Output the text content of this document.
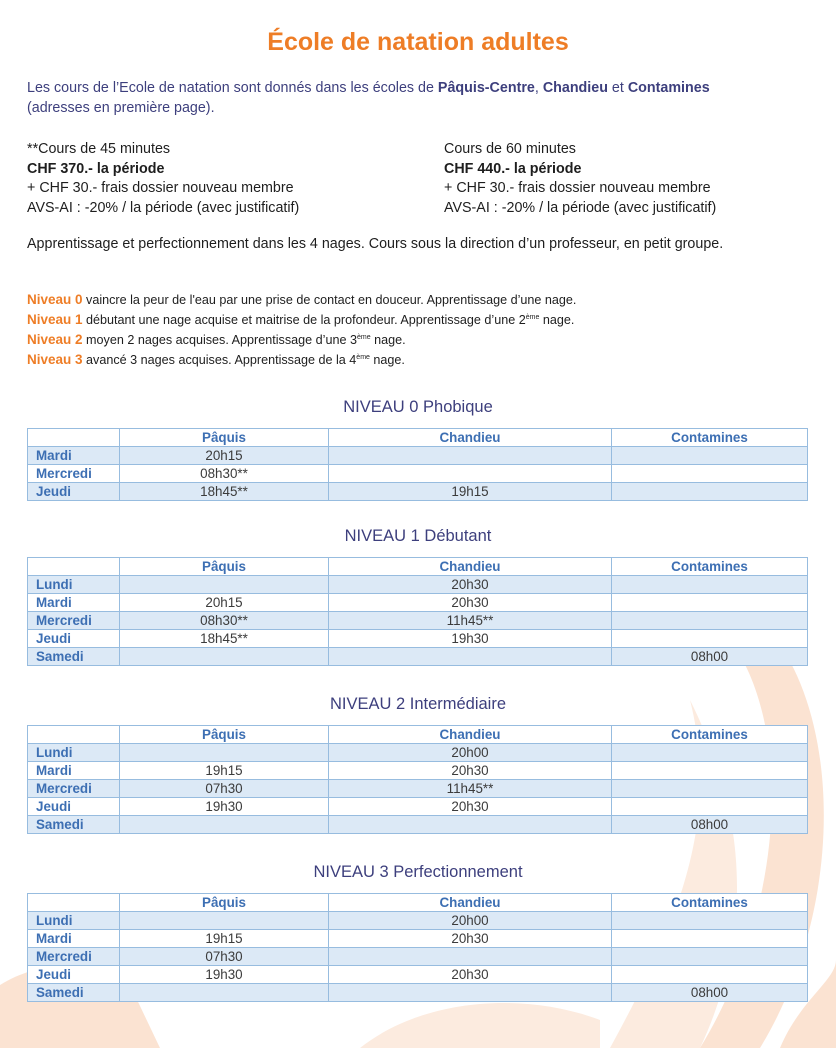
École de natation adultes
Les cours de l’Ecole de natation sont donnés dans les écoles de Pâquis-Centre, Chandieu et Contamines
(adresses en première page).
**Cours de 45 minutes
CHF 370.- la période
+ CHF 30.- frais dossier nouveau membre
AVS-AI : -20% / la période (avec justificatif)
Cours de 60 minutes
CHF 440.- la période
+ CHF 30.- frais dossier nouveau membre
AVS-AI : -20% / la période (avec justificatif)
Apprentissage et perfectionnement dans les 4 nages. Cours sous la direction d’un professeur, en petit groupe.
Niveau 0 vaincre la peur de l'eau par une prise de contact en douceur. Apprentissage d’une nage.
Niveau 1 débutant une nage acquise et maitrise de la profondeur. Apprentissage d’une 2ème nage.
Niveau 2 moyen 2 nages acquises. Apprentissage d’une 3ème nage.
Niveau 3 avancé 3 nages acquises. Apprentissage de la 4ème nage.
NIVEAU 0 Phobique
	Pâquis	Chandieu	Contamines
Mardi	20h15		
Mercredi	08h30**		
Jeudi	18h45**	19h15	
NIVEAU 1 Débutant
	Pâquis	Chandieu	Contamines
Lundi		20h30	
Mardi	20h15	20h30	
Mercredi	08h30**	11h45**	
Jeudi	18h45**	19h30	
Samedi			08h00
NIVEAU 2 Intermédiaire
	Pâquis	Chandieu	Contamines
Lundi		20h00	
Mardi	19h15	20h30	
Mercredi	07h30	11h45**	
Jeudi	19h30	20h30	
Samedi			08h00
NIVEAU 3 Perfectionnement
	Pâquis	Chandieu	Contamines
Lundi		20h00	
Mardi	19h15	20h30	
Mercredi	07h30		
Jeudi	19h30	20h30	
Samedi			08h00
